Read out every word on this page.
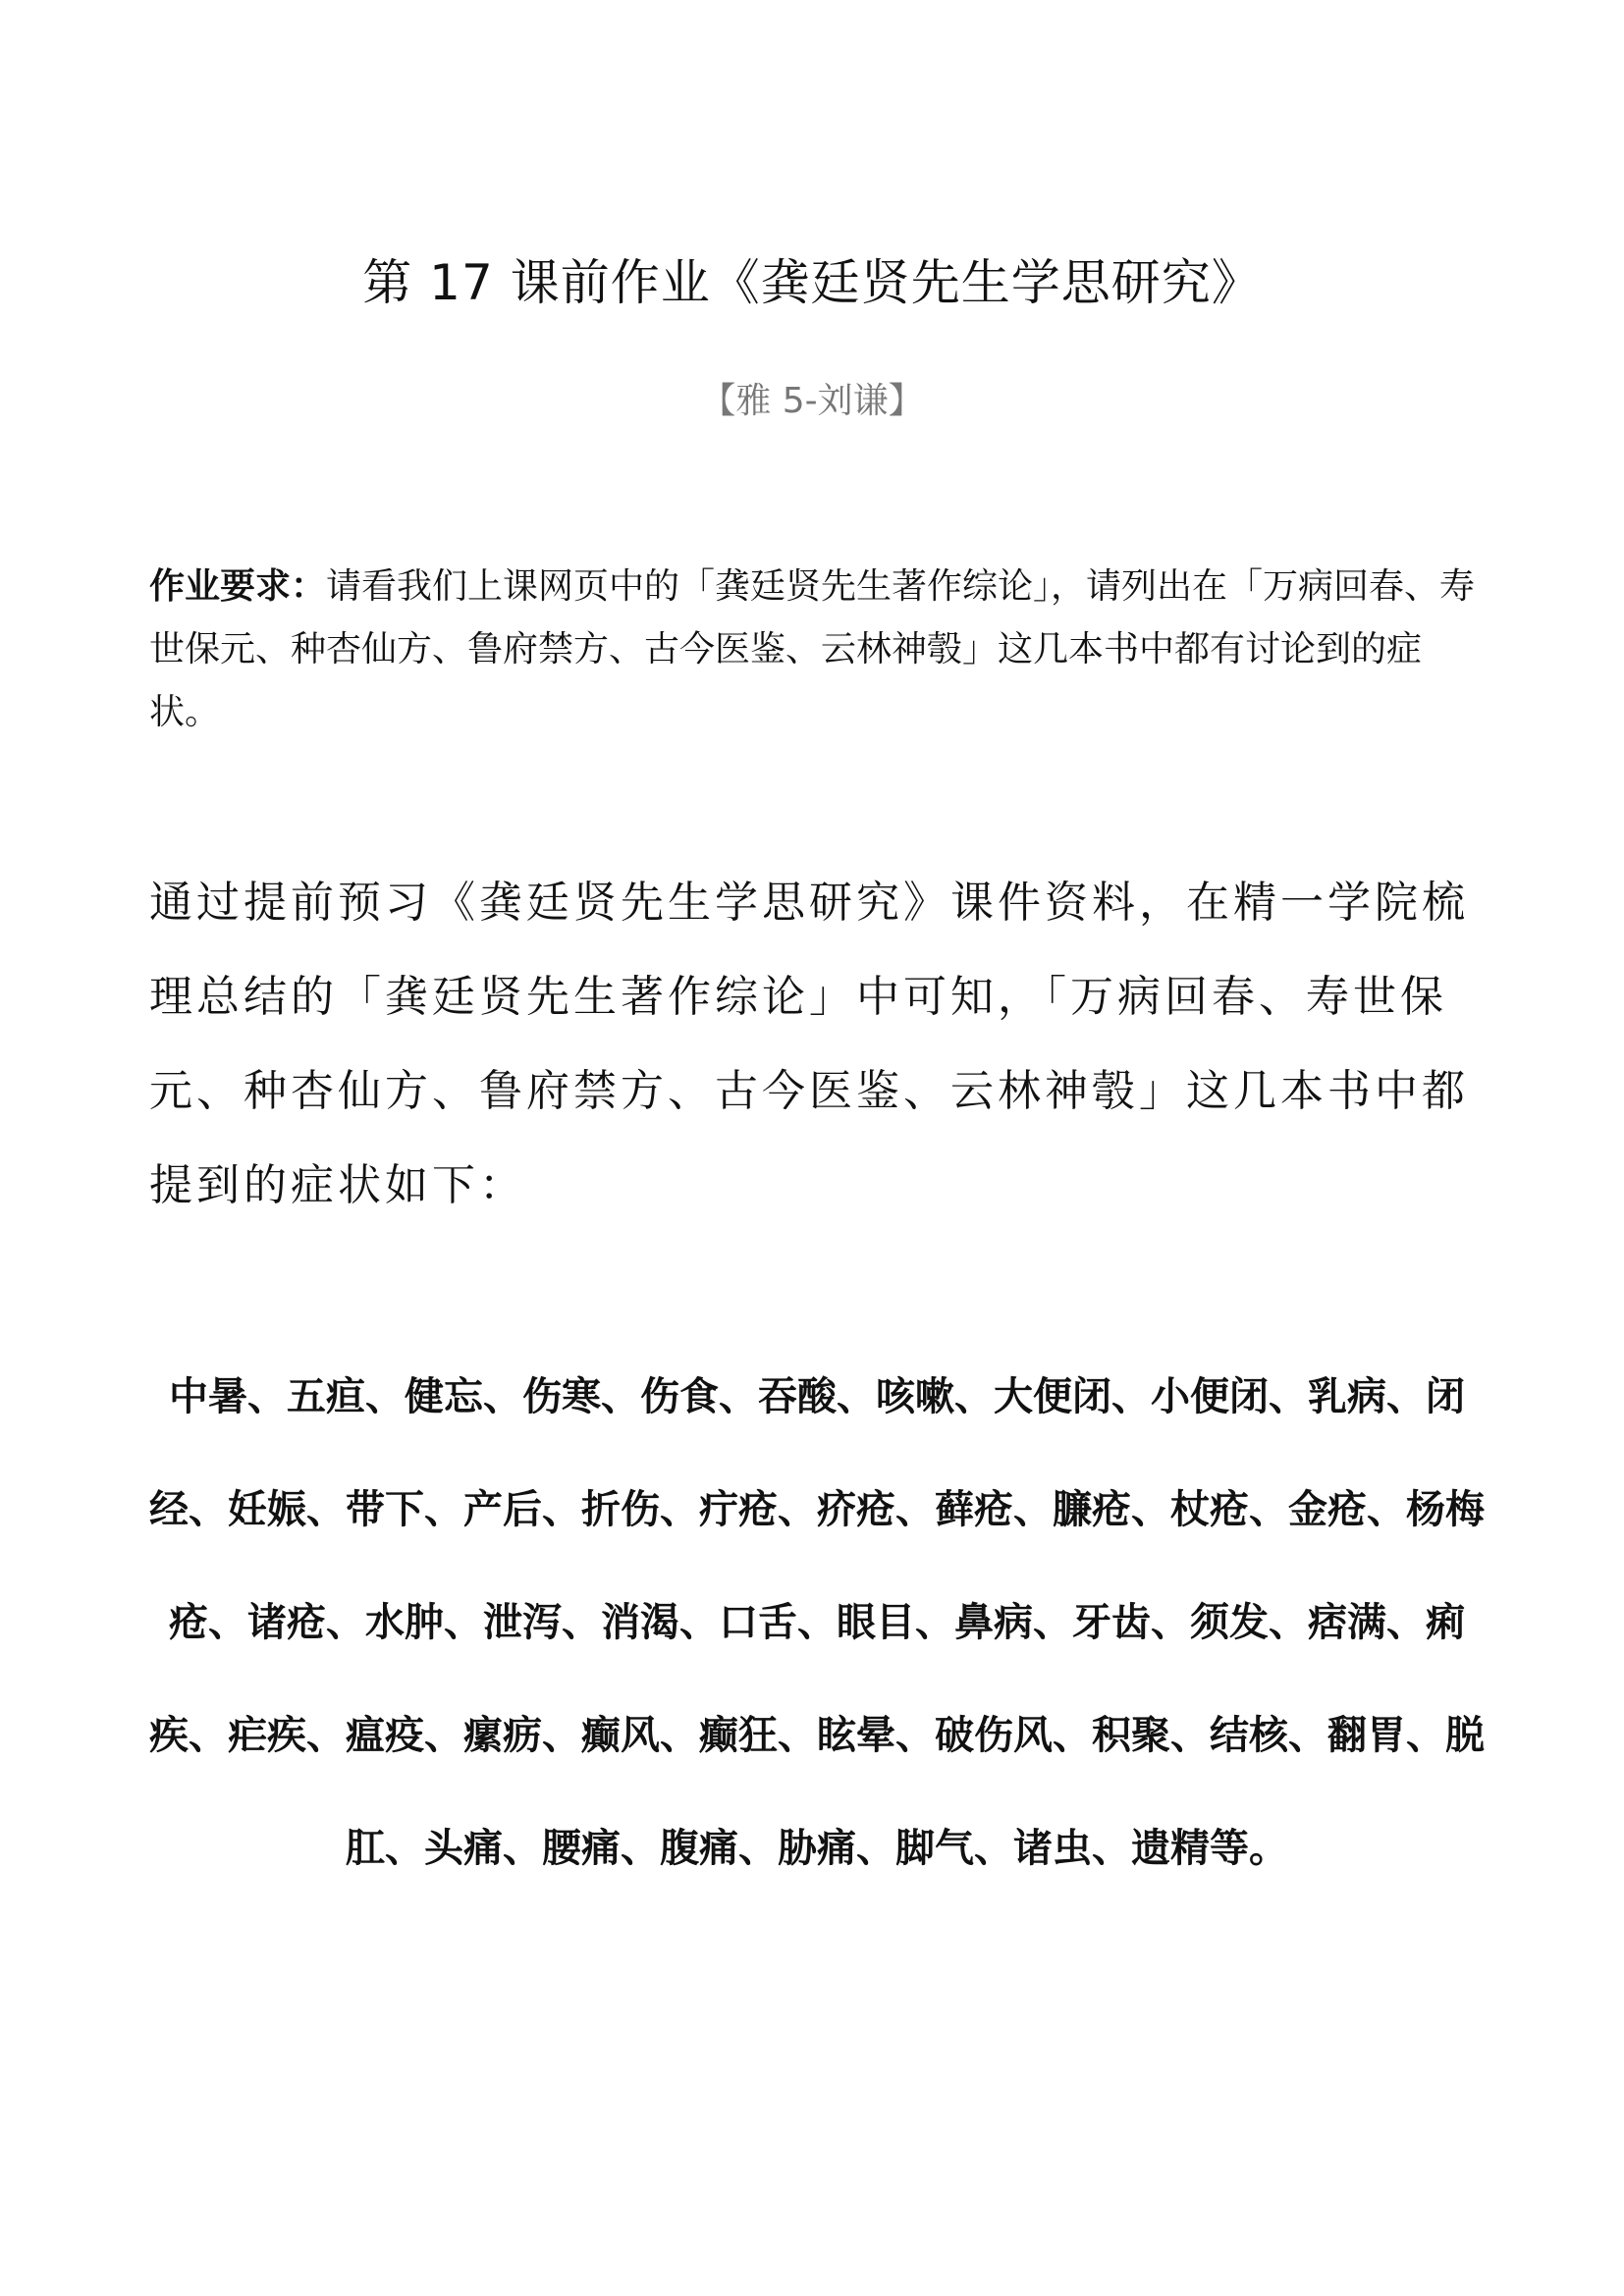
第 17 课前作业《龚廷贤先生学思研究》
【雅 5-刘谦】

作业要求：请看我们上课网页中的「龚廷贤先生著作综论」，请列出在「万病回春、寿世保元、种杏仙方、鲁府禁方、古今医鉴、云林神彀」这几本书中都有讨论到的症状。

通过提前预习《龚廷贤先生学思研究》课件资料，在精一学院梳理总结的「龚廷贤先生著作综论」中可知，「万病回春、寿世保元、种杏仙方、鲁府禁方、古今医鉴、云林神彀」这几本书中都提到的症状如下：

中暑、五疸、健忘、伤寒、伤食、吞酸、咳嗽、大便闭、小便闭、乳病、闭经、妊娠、带下、产后、折伤、疔疮、疥疮、藓疮、臁疮、杖疮、金疮、杨梅疮、诸疮、水肿、泄泻、消渴、口舌、眼目、鼻病、牙齿、须发、痞满、痢疾、疟疾、瘟疫、瘰疬、癫风、癫狂、眩晕、破伤风、积聚、结核、翻胃、脱肛、头痛、腰痛、腹痛、胁痛、脚气、诸虫、遗精等。
